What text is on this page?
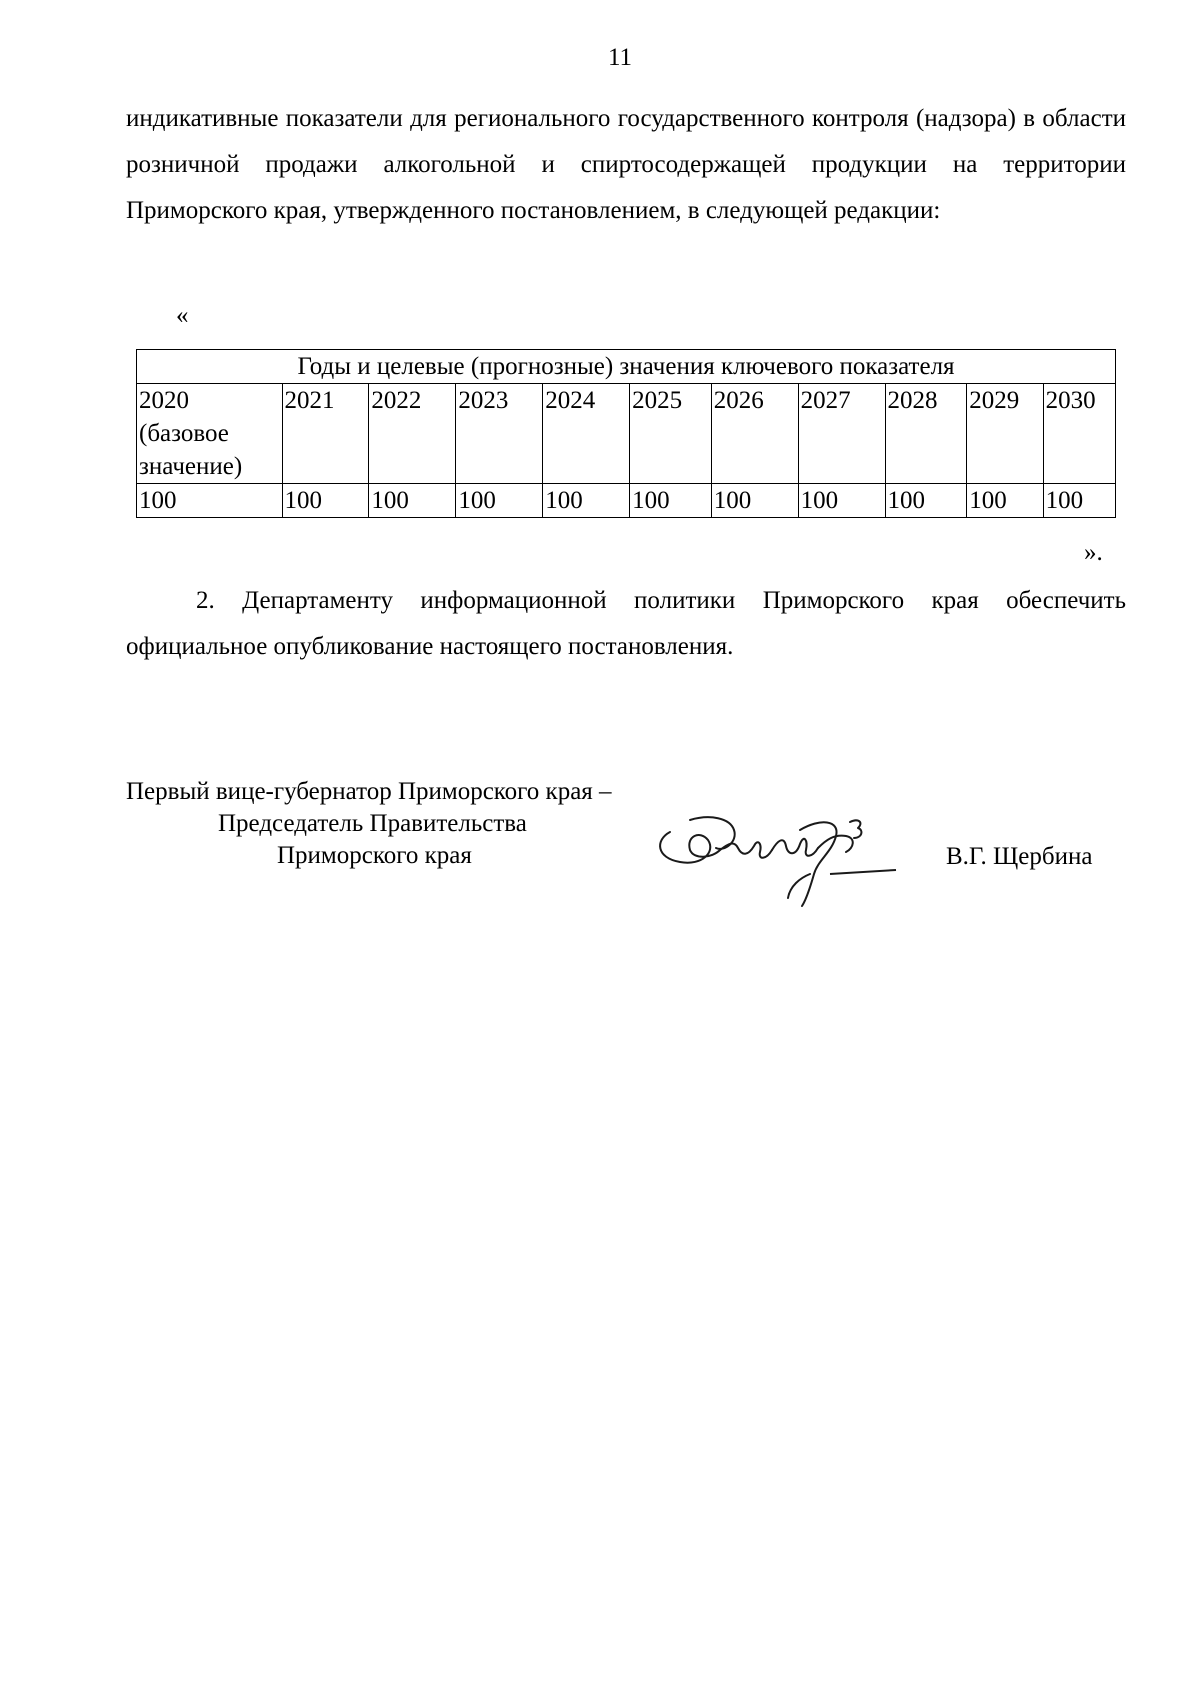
11
индикативные показатели для регионального государственного контроля (надзора) в области розничной продажи алкогольной и спиртосодержащей продукции на территории Приморского края, утвержденного постановлением, в следующей редакции:
«
Годы и целевые (прогнозные) значения ключевого показателя										
2020 (базовое значение)	2021	2022	2023	2024	2025	2026	2027	2028	2029	2030
100	100	100	100	100	100	100	100	100	100	100
».
2. Департаменту информационной политики Приморского края обеспечить официальное опубликование настоящего постановления.
Первый вице-губернатор Приморского края –
Председатель Правительства
Приморского края	В.Г. Щербина
